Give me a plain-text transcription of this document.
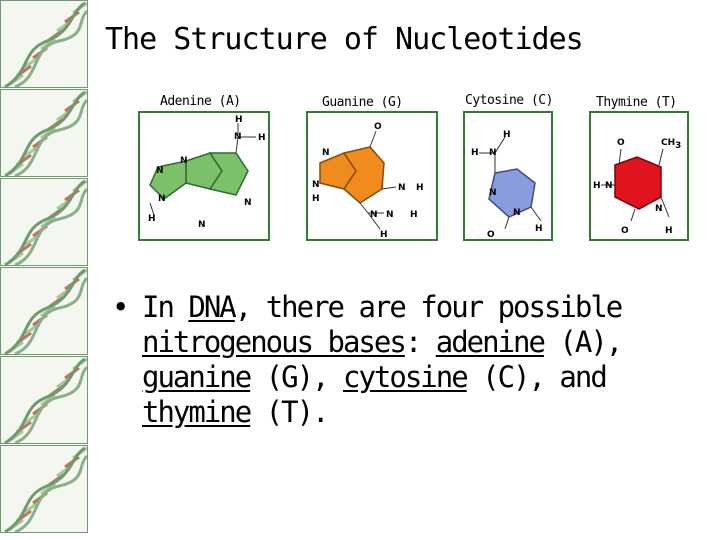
The Structure of Nucleotides
Adenine (A)	Guanine (G)	Cytosine (C)	Thymine (T)
N
N H
H
N
N
H
N
N
N
N
H
O
N H
N N H
H
H
H N
N
N
O
H
O	CH 3
H N
N
O	H
• In DNA, there are four possible nitrogenous bases: adenine (A), guanine (G), cytosine (C), and thymine (T).
